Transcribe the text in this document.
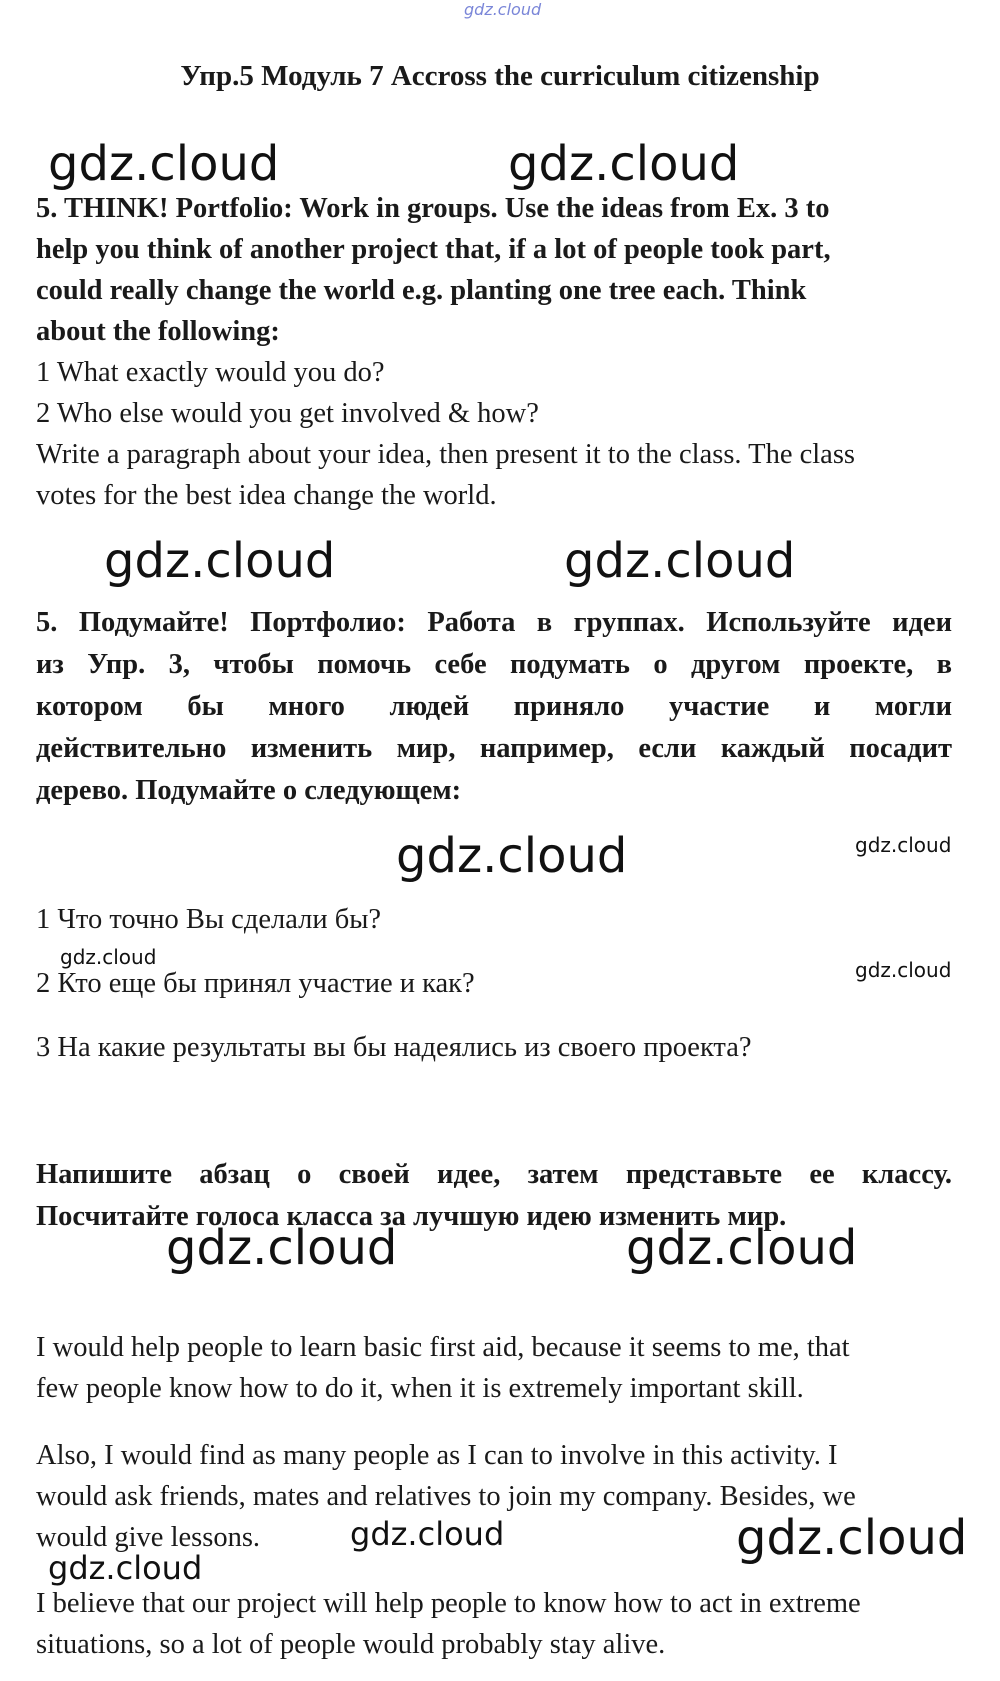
gdz.cloud
Упр.5 Модуль 7 Accross the curriculum citizenship
gdz.cloud	gdz.cloud
5. THINK! Portfolio: Work in groups. Use the ideas from Ex. 3 to
help you think of another project that, if a lot of people took part,
could really change the world e.g. planting one tree each. Think
about the following:
1 What exactly would you do?
2 Who else would you get involved & how?
Write a paragraph about your idea, then present it to the class. The class
votes for the best idea change the world.
gdz.cloud	gdz.cloud
5. Подумайте! Портфолио: Работа в группах. Используйте идеи
из Упр. 3, чтобы помочь себе подумать о другом проекте, в
котором бы много людей приняло участие и могли
действительно изменить мир, например, если каждый посадит
дерево. Подумайте о следующем:
gdz.cloud	gdz.cloud
1 Что точно Вы сделали бы?
gdz.cloud
gdz.cloud
2 Кто еще бы принял участие и как?
3 На какие результаты вы бы надеялись из своего проекта?
Напишите абзац о своей идее, затем представьте ее классу.
Посчитайте голоса класса за лучшую идею изменить мир.
gdz.cloud	gdz.cloud
I would help people to learn basic first aid, because it seems to me, that
few people know how to do it, when it is extremely important skill.
Also, I would find as many people as I can to involve in this activity. I
would ask friends, mates and relatives to join my company. Besides, we
would give lessons.	gdz.cloud	gdz.cloud
gdz.cloud
I believe that our project will help people to know how to act in extreme
situations, so a lot of people would probably stay alive.
